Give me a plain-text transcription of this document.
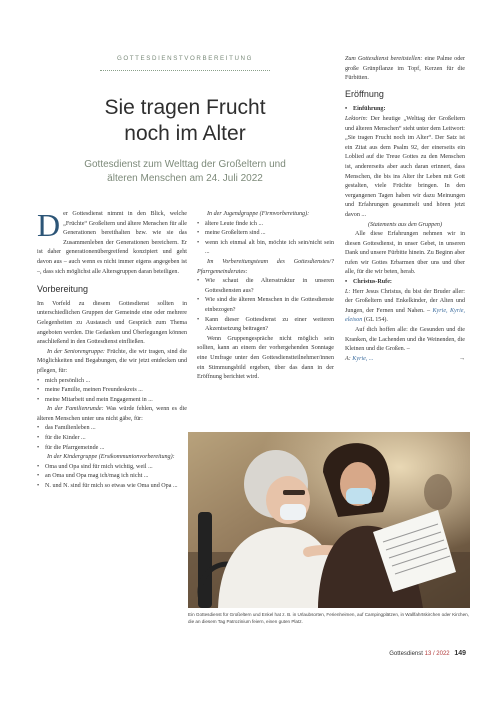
GOTTESDIENSTVORBEREITUNG
Sie tragen Frucht
noch im Alter
Gottesdienst zum Welttag der Großeltern und
älteren Menschen am 24. Juli 2022

Der Gottesdienst nimmt in den Blick, welche „Früchte“ Großeltern und ältere Menschen für alle Generationen bereithalten bzw. wie sie das Zusammenleben der Generationen bereichern. Er ist daher generationenübergreifend konzipiert und geht davon aus – auch wenn es nicht immer eigens angegeben ist –, dass sich möglichst alle Altersgruppen daran beteiligen.

Vorbereitung

Im Vorfeld zu diesem Gottesdienst sollten in unterschiedlichen Gruppen der Gemeinde eine oder mehrere Gelegenheiten zu Austausch und Gespräch zum Thema angeboten werden. Die Gedanken und Überlegungen können anschließend in den Gottesdienst einfließen.

In der Seniorengruppe: Früchte, die wir tragen, sind die Möglichkeiten und Begabungen, die wir jetzt entdecken und pflegen, für:

• mich persönlich ...

• meine Familie, meinen Freundeskreis ...

• meine Mitarbeit und mein Engagement in ...

In der Familienrunde: Was würde fehlen, wenn es die älteren Menschen unter uns nicht gäbe, für:

• das Familienleben ...

• für die Kinder ...

• für die Pfarrgemeinde ...

In der Kindergruppe (Erstkommunionvorbereitung):

• Oma und Opa sind für mich wichtig, weil ...

• an Oma und Opa mag ich/mag ich nicht ...

• N. und N. sind für mich so etwas wie Oma und Opa ...

In der Jugendgruppe (Firmvorbereitung):

• ältere Leute finde ich ...

• meine Großeltern sind ...

• wenn ich einmal alt bin, möchte ich sein/nicht sein ...

Im Vorbereitungsteam des Gottesdienstes/? Pfarrgemeinderates:

• Wie schaut die Altersstruktur in unseren Gottesdiensten aus?

• Wie sind die älteren Menschen in die Gottesdienste einbezogen?

• Kann dieser Gottesdienst zu einer weiteren Akzentsetzung beitragen?

Wenn Gruppengespräche nicht möglich sein sollten, kann an einem der vorhergehenden Sonntage eine Umfrage unter den Gottesdienstteilnehmer/innen ein Stimmungsbild ergeben, über das dann in der Eröffnung berichtet wird.

Zum Gottesdienst bereitstellen: eine Palme oder große Grünpflanze im Topf, Kerzen für die Fürbitten.

Eröffnung

• Einführung:

Lektorin: Der heutige „Welttag der Großeltern und älteren Menschen“ steht unter dem Leitwort: „Sie tragen Frucht noch im Alter“. Der Satz ist ein Zitat aus dem Psalm 92, der einerseits ein Loblied auf die Treue Gottes zu den Menschen ist, andererseits aber auch daran erinnert, dass Menschen, die bis ins Alter ihr Leben mit Gott gestalten, viele Früchte bringen. In den vergangenen Tagen haben wir dazu Meinungen und Erfahrungen gesammelt und hören jetzt davon ...

(Statements aus den Gruppen)

Alle diese Erfahrungen nehmen wir in diesen Gottesdienst, in unser Gebet, in unseren Dank und unsere Fürbitte hinein. Zu Beginn aber rufen wir Gottes Erbarmen über uns und über alle, für die wir beten, herab.

• Christus-Rufe:

L: Herr Jesus Christus, du bist der Bruder aller: der Großeltern und Enkelkinder, der Alten und Jungen, der Fernen und Nahen. – Kyrie, Kyrie, eleison (GL 154).

Auf dich hoffen alle: die Gesunden und die Kranken, die Lachenden und die Weinenden, die Kleinen und die Großen. –

A: Kyrie, ...	→

Ein Gottesdienst für Großeltern und Enkel hat z. B. in Urlaubsorten, Ferienheimen, auf Campingplätzen, in Wallfahrtskirchen oder Kirchen, die an diesem Tag Patrozinium feiern, einen guten Platz.
Gottesdienst 13 / 2022 149
